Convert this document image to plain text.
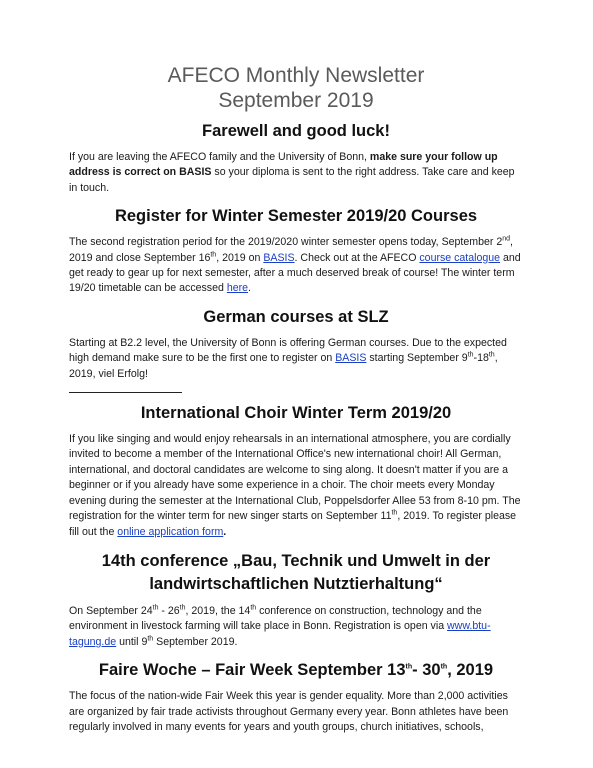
AFECO Monthly Newsletter
September 2019
Farewell and good luck!

If you are leaving the AFECO family and the University of Bonn, make sure your follow up address is correct on BASIS so your diploma is sent to the right address. Take care and keep in touch.

Register for Winter Semester 2019/20 Courses

The second registration period for the 2019/2020 winter semester opens today, September 2nd, 2019 and close September 16th, 2019 on BASIS. Check out at the AFECO course catalogue and get ready to gear up for next semester, after a much deserved break of course! The winter term 19/20 timetable can be accessed here.

German courses at SLZ

Starting at B2.2 level, the University of Bonn is offering German courses. Due to the expected high demand make sure to be the first one to register on BASIS starting September 9th-18th, 2019, viel Erfolg!

International Choir Winter Term 2019/20

If you like singing and would enjoy rehearsals in an international atmosphere, you are cordially invited to become a member of the International Office's new international choir! All German, international, and doctoral candidates are welcome to sing along. It doesn't matter if you are a beginner or if you already have some experience in a choir. The choir meets every Monday evening during the semester at the International Club, Poppelsdorfer Allee 53 from 8-10 pm. The registration for the winter term for new singer starts on September 11th, 2019. To register please fill out the online application form.

14th conference „Bau, Technik und Umwelt in der
landwirtschaftlichen Nutztierhaltung“

On September 24th - 26th, 2019, the 14th conference on construction, technology and the environment in livestock farming will take place in Bonn. Registration is open via www.btu-tagung.de until 9th September 2019.

Faire Woche – Fair Week September 13th- 30th, 2019

The focus of the nation-wide Fair Week this year is gender equality. More than 2,000 activities are organized by fair trade activists throughout Germany every year. Bonn athletes have been regularly involved in many events for years and youth groups, church initiatives, schools,
